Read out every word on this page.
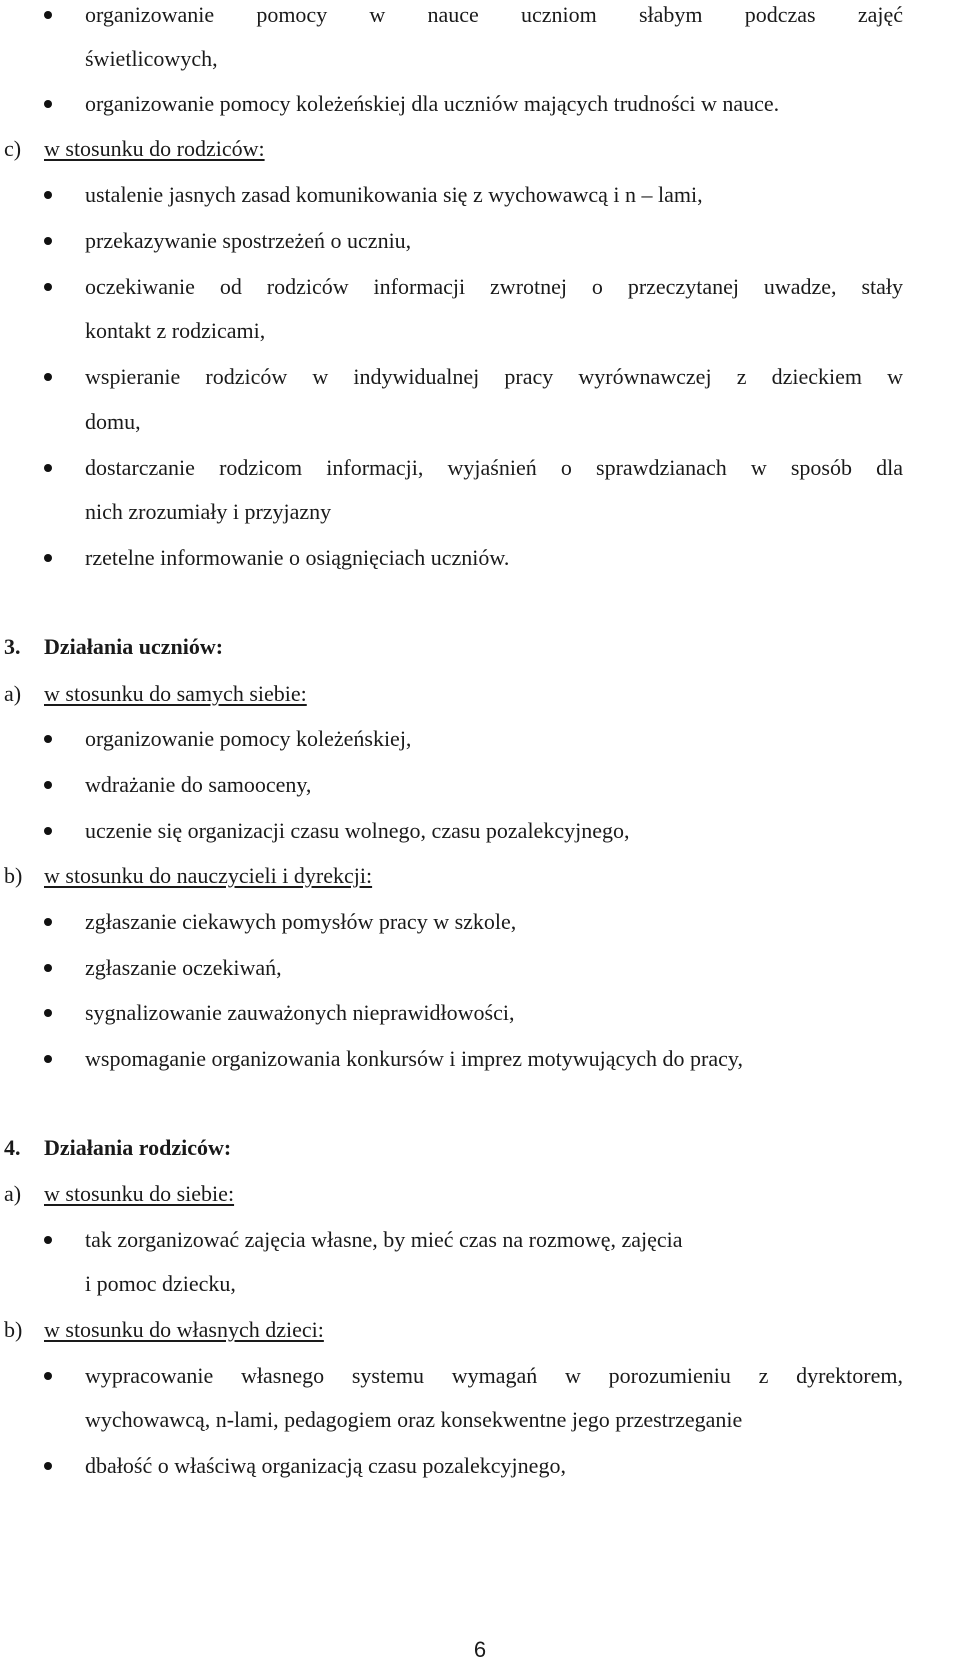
organizowanie pomocy w nauce uczniom słabym podczas zajęć
świetlicowych,
organizowanie pomocy koleżeńskiej dla uczniów mających trudności w nauce.
c) w stosunku do rodziców:
ustalenie jasnych zasad komunikowania się z wychowawcą i n – lami,
przekazywanie spostrzeżeń o uczniu,
oczekiwanie od rodziców informacji zwrotnej o przeczytanej uwadze, stały
kontakt z rodzicami,
wspieranie rodziców w indywidualnej pracy wyrównawczej z dzieckiem w
domu,
dostarczanie rodzicom informacji, wyjaśnień o sprawdzianach w sposób dla
nich zrozumiały i przyjazny
rzetelne informowanie o osiągnięciach uczniów.
3. Działania uczniów:
a) w stosunku do samych siebie:
organizowanie pomocy koleżeńskiej,
wdrażanie do samooceny,
uczenie się organizacji czasu wolnego, czasu pozalekcyjnego,
b) w stosunku do nauczycieli i dyrekcji:
zgłaszanie ciekawych pomysłów pracy w szkole,
zgłaszanie oczekiwań,
sygnalizowanie zauważonych nieprawidłowości,
wspomaganie organizowania konkursów i imprez motywujących do pracy,
4. Działania rodziców:
a) w stosunku do siebie:
tak zorganizować zajęcia własne, by mieć czas na rozmowę, zajęcia
i pomoc dziecku,
b) w stosunku do własnych dzieci:
wypracowanie własnego systemu wymagań w porozumieniu z dyrektorem,
wychowawcą, n-lami, pedagogiem oraz konsekwentne jego przestrzeganie
dbałość o właściwą organizacją czasu pozalekcyjnego,
6
